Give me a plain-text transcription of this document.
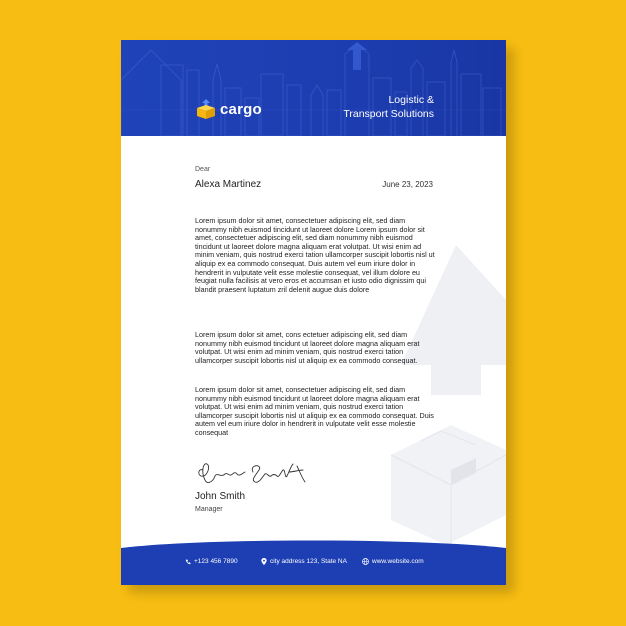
cargo
Logistic &
Transport Solutions
Dear
Alexa Martinez	June 23, 2023

Lorem ipsum dolor sit amet, consectetuer adipiscing elit, sed diam nonummy nibh euismod tincidunt ut laoreet dolore Lorem ipsum dolor sit amet, consectetuer adipiscing elit, sed diam nonummy nibh euismod tincidunt ut laoreet dolore magna aliquam erat volutpat. Ut wisi enim ad minim veniam, quis nostrud exerci tation ullamcorper suscipit lobortis nisl ut aliquip ex ea commodo consequat. Duis autem vel eum iriure dolor in hendrerit in vulputate velit esse molestie consequat, vel illum dolore eu feugiat nulla facilisis at vero eros et accumsan et iusto odio dignissim qui blandit praesent luptatum zril delenit augue duis dolore

Lorem ipsum dolor sit amet, cons ectetuer adipiscing elit, sed diam nonummy nibh euismod tincidunt ut laoreet dolore magna aliquam erat volutpat. Ut wisi enim ad minim veniam, quis nostrud exerci tation ullamcorper suscipit lobortis nisl ut aliquip ex ea commodo consequat.

Lorem ipsum dolor sit amet, consectetuer adipiscing elit, sed diam nonummy nibh euismod tincidunt ut laoreet dolore magna aliquam erat volutpat. Ut wisi enim ad minim veniam, quis nostrud exerci tation ullamcorper suscipit lobortis nisl ut aliquip ex ea commodo consequat. Duis autem vel eum iriure dolor in hendrerit in vulputate velit esse molestie consequat

John Smith
Manager
+123 456 7890	city address 123, State NA	www.website.com
